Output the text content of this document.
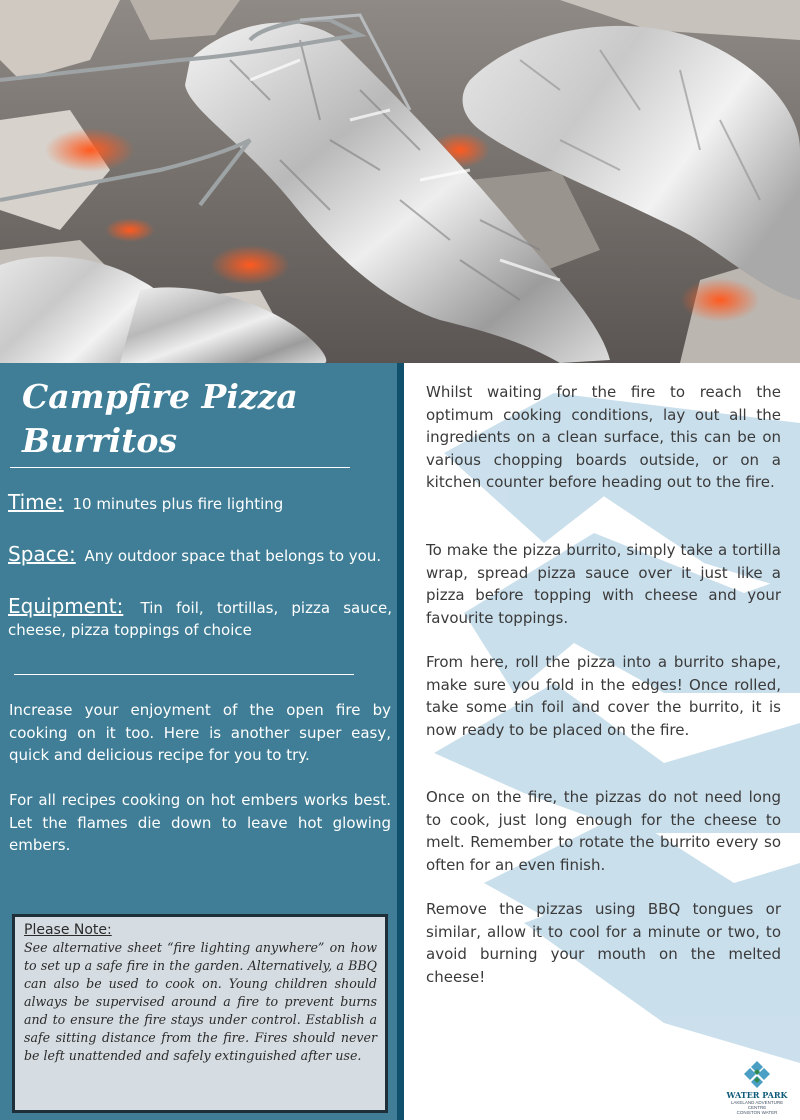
Campfire Pizza Burritos
Time: 10 minutes plus fire lighting
Space: Any outdoor space that belongs to you.
Equipment: Tin foil, tortillas, pizza sauce, cheese, pizza toppings of choice

Increase your enjoyment of the open fire by cooking on it too. Here is another super easy, quick and delicious recipe for you to try.

For all recipes cooking on hot embers works best. Let the flames die down to leave hot glowing embers.

Please Note:
See alternative sheet “fire lighting anywhere” on how to set up a safe fire in the garden. Alternatively, a BBQ can also be used to cook on. Young children should always be supervised around a fire to prevent burns and to ensure the fire stays under control. Establish a safe sitting distance from the fire. Fires should never be left unattended and safely extinguished after use.

Whilst waiting for the fire to reach the optimum cooking conditions, lay out all the ingredients on a clean surface, this can be on various chopping boards outside, or on a kitchen counter before heading out to the fire.

To make the pizza burrito, simply take a tortilla wrap, spread pizza sauce over it just like a pizza before topping with cheese and your favourite toppings.

From here, roll the pizza into a burrito shape, make sure you fold in the edges! Once rolled, take some tin foil and cover the burrito, it is now ready to be placed on the fire.

Once on the fire, the pizzas do not need long to cook, just long enough for the cheese to melt. Remember to rotate the burrito every so often for an even finish.

Remove the pizzas using BBQ tongues or similar, allow it to cool for a minute or two, to avoid burning your mouth on the melted cheese!

WATER PARK
LAKELAND ADVENTURE CENTRE
CONISTON WATER
